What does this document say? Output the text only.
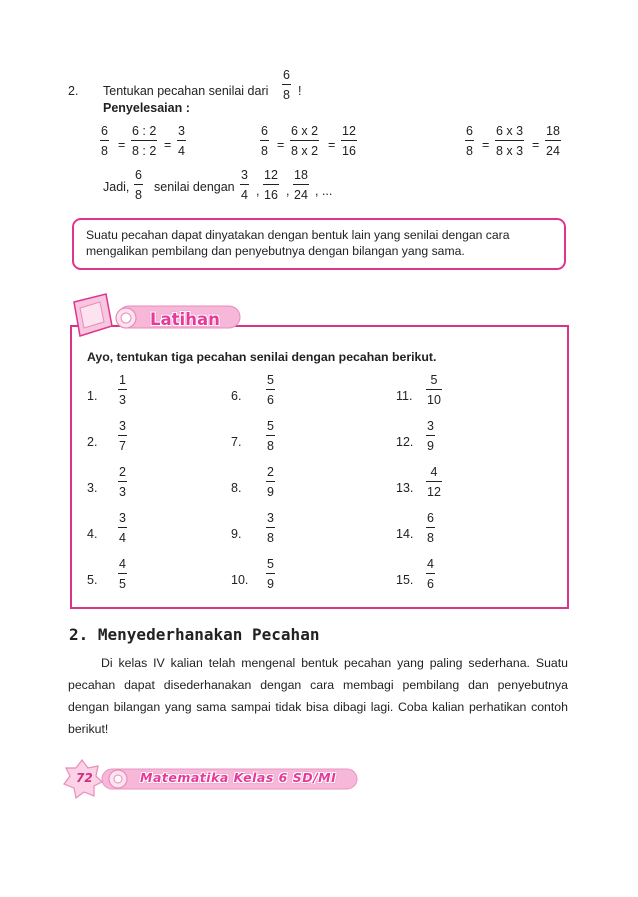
2. Tentukan pecahan senilai dari
6
8 !
Penyelesaian :
6
8 =
6 : 2
8 : 2 =
3
4
6
8 =
6 x 2
8 x 2 =
12
16
6
8 =
6 x 3
8 x 3 =
18
24
Jadi,
6
8
senilai dengan
3
4 ,
12
16 ,
18
24 , ...
Suatu pecahan dapat dinyatakan dengan bentuk lain yang senilai dengan cara
mengalikan pembilang dan penyebutnya dengan bilangan yang sama.
Latihan
Ayo, tentukan tiga pecahan senilai dengan pecahan berikut.
1.
1
3
2.
3
7
3.
2
3
4.
3
4
5.
4
5
6.
5
6
7.
5
8
8.
2
9
9.
3
8
10.
5
9
11.
5
10
12.
3
9
13.
4
12
14.
6
8
15.
4
6
2. Menyederhanakan Pecahan
Di kelas IV kalian telah mengenal bentuk pecahan yang paling sederhana. Suatu pecahan dapat disederhanakan dengan cara membagi pembilang dan penyebutnya dengan bilangan yang sama sampai tidak bisa dibagi lagi. Coba kalian perhatikan contoh berikut!
72	Matematika Kelas 6 SD/MI
